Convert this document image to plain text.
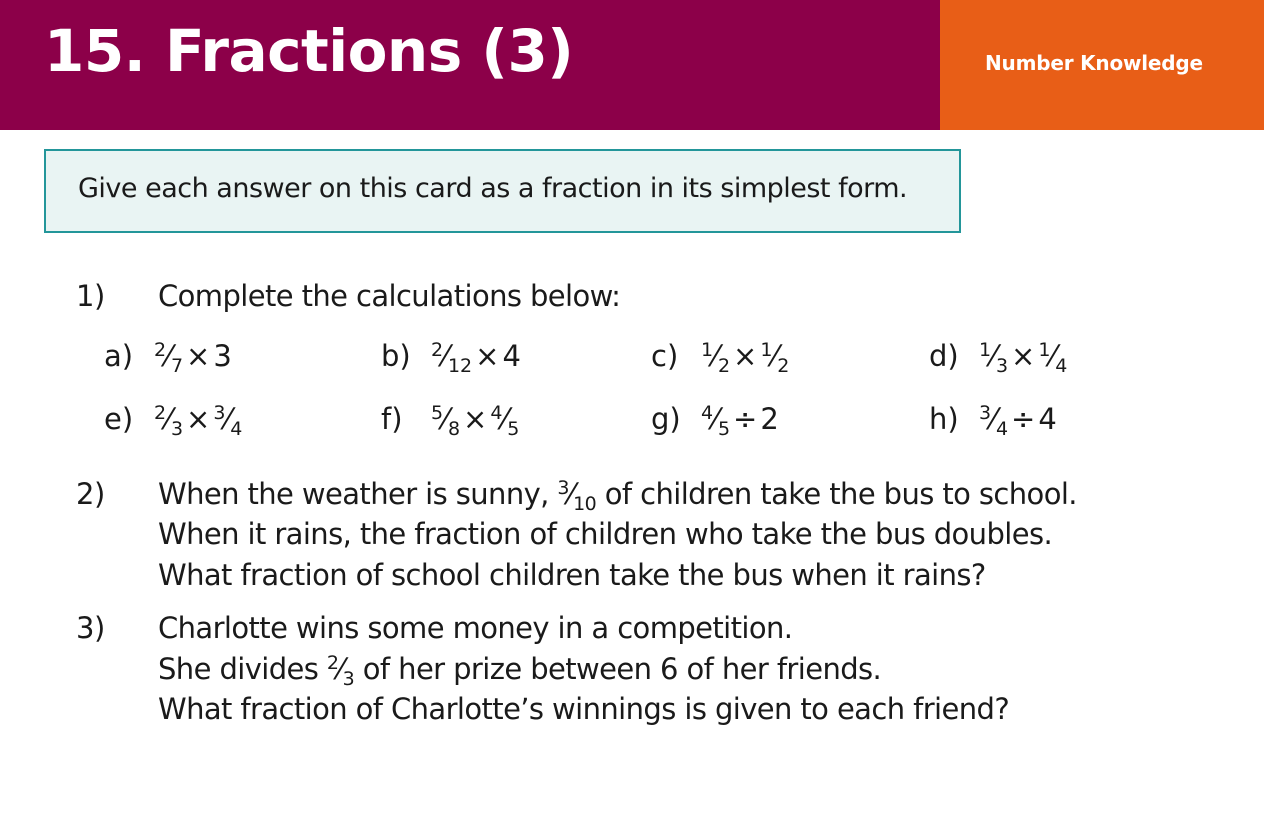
15. Fractions (3)	Number Knowledge
Give each answer on this card as a fraction in its simplest form.
1) Complete the calculations below:
a) $^2⁄_7 \times 3$	b) $^2⁄_{12} \times 4$	c) $^1⁄_2$ × $^1⁄_2$	d) $^1⁄_3$ × $^1⁄_4$
e) $^2⁄_3$ × $^3⁄_4$	f) $^5⁄_8$ × $^4⁄_5$	g) $^4⁄_5 \div 2$	h) $^3⁄_4 \div 4$
2) When the weather is sunny, $^3⁄_{10}$ of children take the bus to school.
When it rains, the fraction of children who take the bus doubles.
What fraction of school children take the bus when it rains?
3) Charlotte wins some money in a competition.
She divides $^2⁄_3$ of her prize between 6 of her friends.
What fraction of Charlotte’s winnings is given to each friend?
